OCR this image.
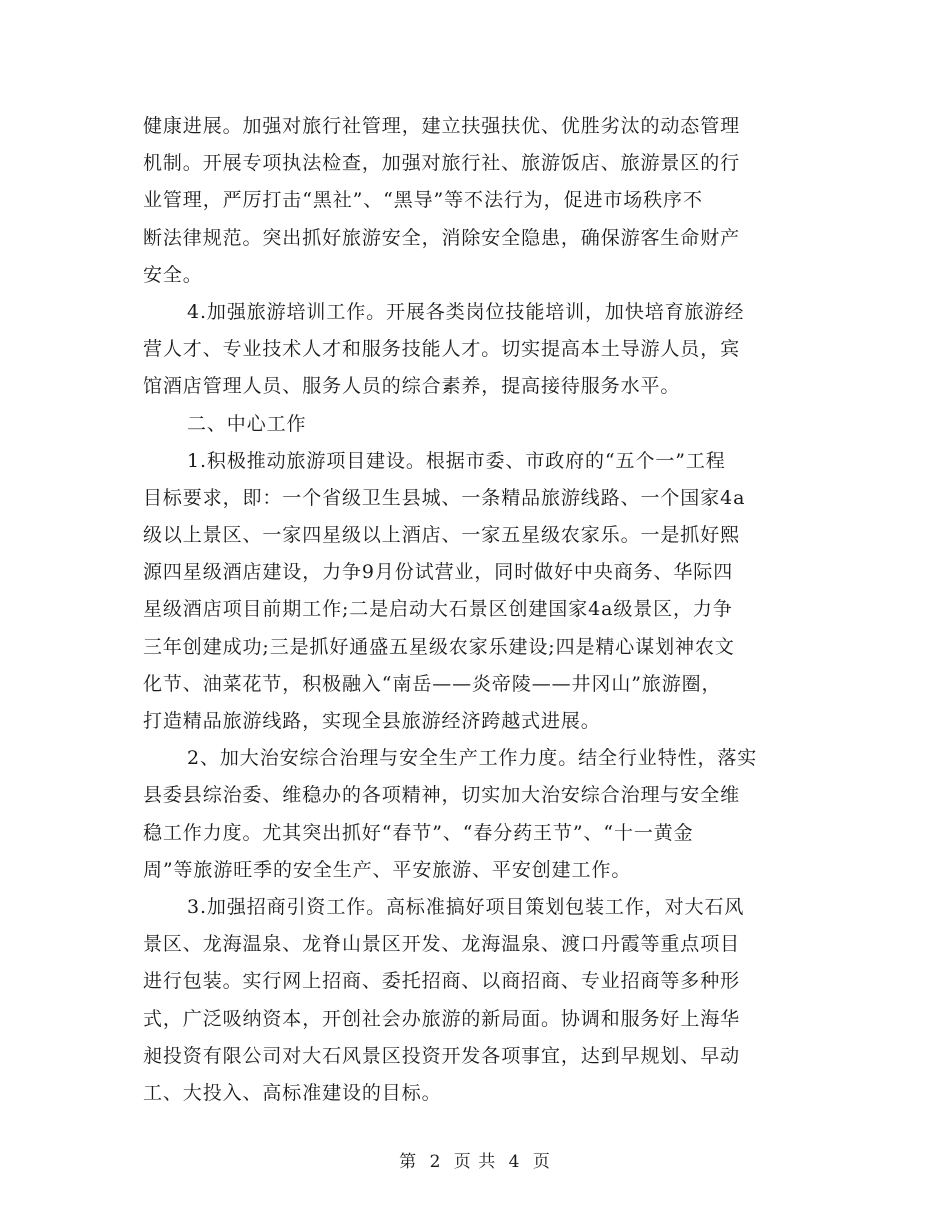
健康进展。加强对旅行社管理，建立扶强扶优、优胜劣汰的动态管理
机制。开展专项执法检查，加强对旅行社、旅游饭店、旅游景区的行
业管理，严厉打击“黑社”、“黑导”等不法行为，促进市场秩序不
断法律规范。突出抓好旅游安全，消除安全隐患，确保游客生命财产
安全。
4.加强旅游培训工作。开展各类岗位技能培训，加快培育旅游经
营人才、专业技术人才和服务技能人才。切实提高本土导游人员，宾
馆酒店管理人员、服务人员的综合素养，提高接待服务水平。
二、中心工作
1.积极推动旅游项目建设。根据市委、市政府的“五个一”工程
目标要求，即：一个省级卫生县城、一条精品旅游线路、一个国家4a
级以上景区、一家四星级以上酒店、一家五星级农家乐。一是抓好熙
源四星级酒店建设，力争9月份试营业，同时做好中央商务、华际四
星级酒店项目前期工作;二是启动大石景区创建国家4a级景区，力争
三年创建成功;三是抓好通盛五星级农家乐建设;四是精心谋划神农文
化节、油菜花节，积极融入“南岳——炎帝陵——井冈山”旅游圈，
打造精品旅游线路，实现全县旅游经济跨越式进展。
2、加大治安综合治理与安全生产工作力度。结全行业特性，落实
县委县综治委、维稳办的各项精神，切实加大治安综合治理与安全维
稳工作力度。尤其突出抓好“春节”、“春分药王节”、“十一黄金
周”等旅游旺季的安全生产、平安旅游、平安创建工作。
3.加强招商引资工作。高标准搞好项目策划包装工作，对大石风
景区、龙海温泉、龙脊山景区开发、龙海温泉、渡口丹霞等重点项目
进行包装。实行网上招商、委托招商、以商招商、专业招商等多种形
式，广泛吸纳资本，开创社会办旅游的新局面。协调和服务好上海华
昶投资有限公司对大石风景区投资开发各项事宜，达到早规划、早动
工、大投入、高标准建设的目标。
第 2 页 共 4 页
